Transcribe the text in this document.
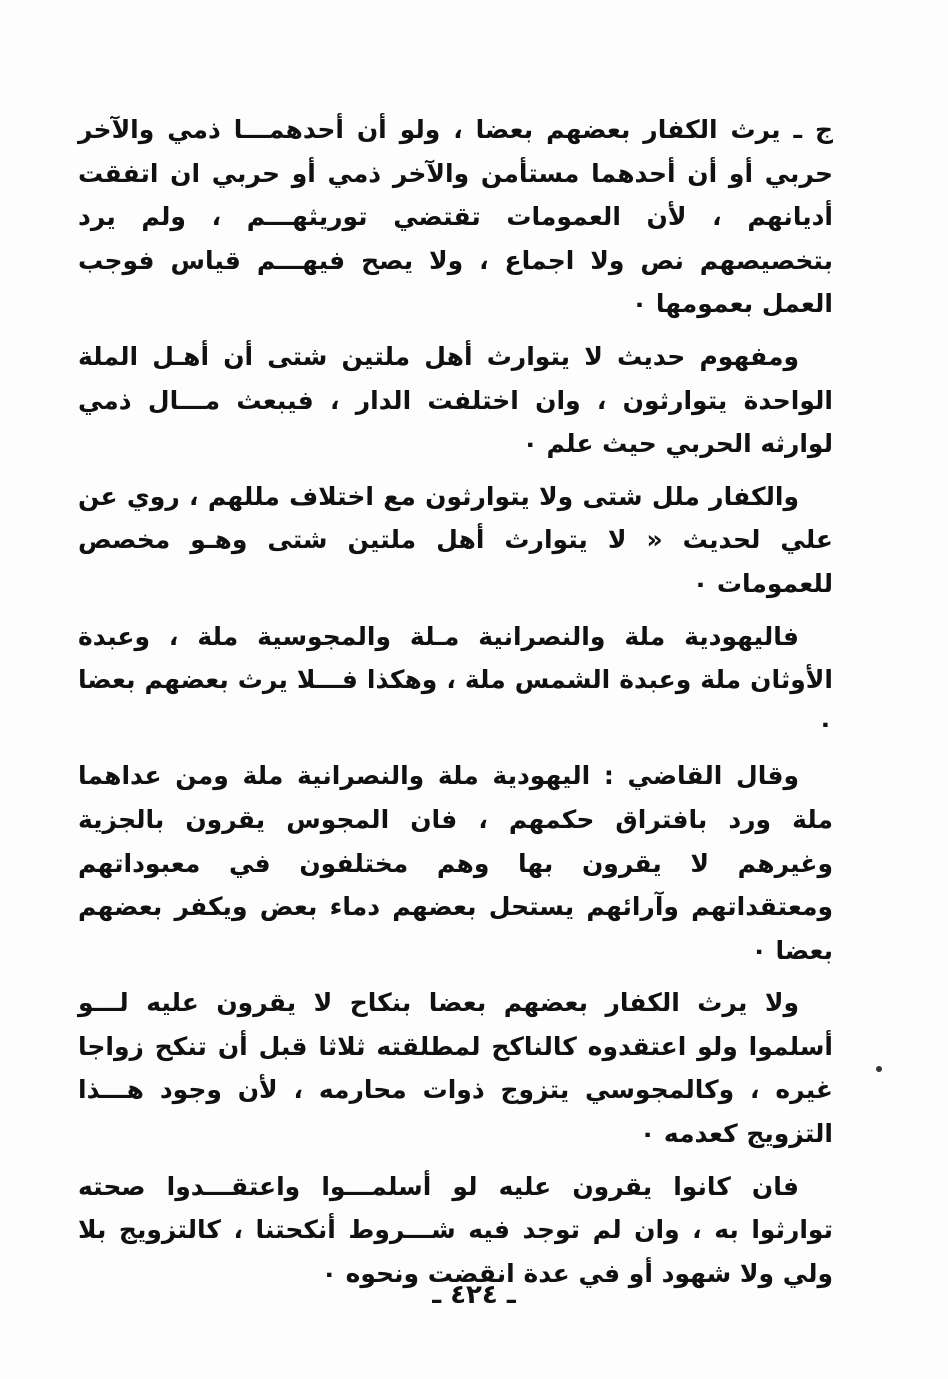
ج ـ يرث الكفار بعضهم بعضا ، ولو أن أحدهمـــا ذمي والآخر حربي أو أن أحدهما مستأمن والآخر ذمي أو حربي ان اتفقت أديانهم ، لأن العمومات تقتضي توريثهـــم ، ولم يرد بتخصيصهم نص ولا اجماع ، ولا يصح فيهـــم قياس فوجب العمل بعمومها ٠

ومفهوم حديث لا يتوارث أهل ملتين شتى أن أهـل الملة الواحدة يتوارثون ، وان اختلفت الدار ، فيبعث مـــال ذمي لوارثه الحربي حيث علم ٠

والكفار ملل شتى ولا يتوارثون مع اختلاف مللهم ، روي عن علي لحديث « لا يتوارث أهل ملتين شتى وهـو مخصص للعمومات ٠

فاليهودية ملة والنصرانية مـلة والمجوسية ملة ، وعبدة الأوثان ملة وعبدة الشمس ملة ، وهكذا فـــلا يرث بعضهم بعضا ٠

وقال القاضي : اليهودية ملة والنصرانية ملة ومن عداهما ملة ورد بافتراق حكمهم ، فان المجوس يقرون بالجزية وغيرهم لا يقرون بها وهم مختلفون في معبوداتهم ومعتقداتهم وآرائهم يستحل بعضهم دماء بعض ويكفر بعضهم بعضا ٠

ولا يرث الكفار بعضهم بعضا بنكاح لا يقرون عليه لـــو أسلموا ولو اعتقدوه كالناكح لمطلقته ثلاثا قبل أن تنكح زواجا غيره ، وكالمجوسي يتزوج ذوات محارمه ، لأن وجود هـــذا التزويج كعدمه ٠

فان كانوا يقرون عليه لو أسلمـــوا واعتقـــدوا صحته توارثوا به ، وان لم توجد فيه شـــروط أنكحتنا ، كالتزويج بلا ولي ولا شهود أو في عدة انقضت ونحوه ٠

ـ ٤٢٤ ـ
